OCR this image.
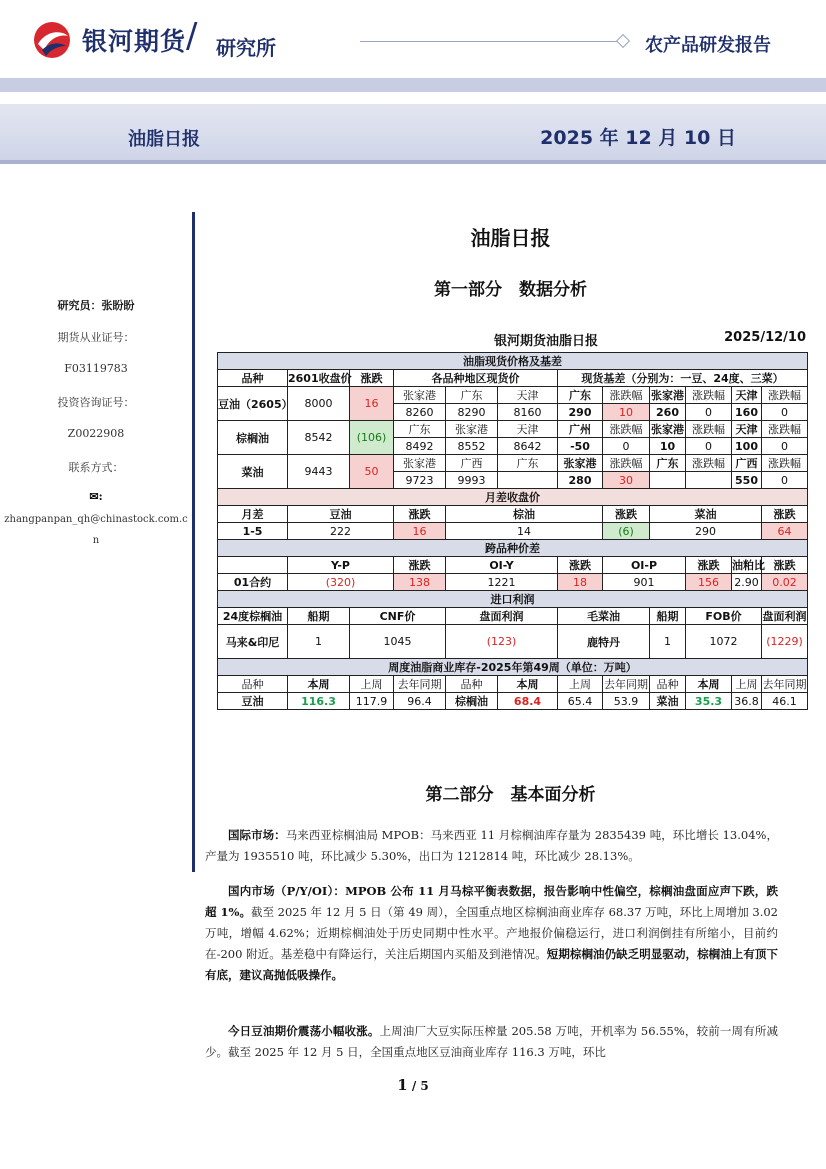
银河期货 / 研究所	农产品研发报告
油脂日报	2025 年 12 月 10 日
研究员：张盼盼
期货从业证号：
F03119783
投资咨询证号：
Z0022908
联系方式：
✉:
zhangpanpan_qh@chinastock.com.c
n
油脂日报
第一部分　数据分析
银河期货油脂日报	2025/12/10
油脂现货价格及基差											
品种	2601收盘价	涨跌	各品种地区现货价			现货基差（分别为：一豆、24度、三菜）					
豆油（2605）	8000	16	张家港	广东	天津	广东	涨跌幅	张家港	涨跌幅	天津	涨跌幅
			8260	8290	8160	290	10	260	0	160	0
棕榈油	8542	(106)	广东	张家港	天津	广州	涨跌幅	张家港	涨跌幅	天津	涨跌幅
			8492	8552	8642	-50	0	10	0	100	0
菜油	9443	50	张家港	广西	广东	张家港	涨跌幅	广东	涨跌幅	广西	涨跌幅
			9723	9993		280	30			550	0
月差收盘价											
月差	豆油		涨跌	棕油			涨跌	菜油			涨跌
1-5	222		16	14			(6)	290			64
跨品种价差											
	Y-P		涨跌	OI-Y		涨跌	OI-P		涨跌	油粕比	涨跌
01合约	(320)		138	1221		18	901		156	2.90	0.02
进口利润											
24度棕榈油	船期	CNF价		盘面利润		毛菜油		船期	FOB价		盘面利润
马来&印尼	1	1045		(123)		鹿特丹		1	1072		(1229)
周度油脂商业库存-2025年第49周（单位：万吨）											
品种	本周	上周	去年同期	品种	本周	上周	去年同期	品种	本周	上周	去年同期
豆油	116.3	117.9	96.4	棕榈油	68.4	65.4	53.9	菜油	35.3	36.8	46.1
第二部分　基本面分析
国际市场：马来西亚棕榈油局 MPOB：马来西亚 11 月棕榈油库存量为 2835439 吨，环比增长 13.04%，产量为 1935510 吨，环比减少 5.30%，出口为 1212814 吨，环比减少 28.13%。
国内市场（P/Y/OI）：MPOB 公布 11 月马棕平衡表数据，报告影响中性偏空，棕榈油盘面应声下跌，跌超 1%。截至 2025 年 12 月 5 日（第 49 周），全国重点地区棕榈油商业库存 68.37 万吨，环比上周增加 3.02 万吨，增幅 4.62%；近期棕榈油处于历史同期中性水平。产地报价偏稳运行，进口利润倒挂有所缩小，目前约在-200 附近。基差稳中有降运行，关注后期国内买船及到港情况。短期棕榈油仍缺乏明显驱动，棕榈油上有顶下有底，建议高抛低吸操作。
今日豆油期价震荡小幅收涨。上周油厂大豆实际压榨量 205.58 万吨，开机率为 56.55%，较前一周有所减少。截至 2025 年 12 月 5 日，全国重点地区豆油商业库存 116.3 万吨，环比
1 / 5
